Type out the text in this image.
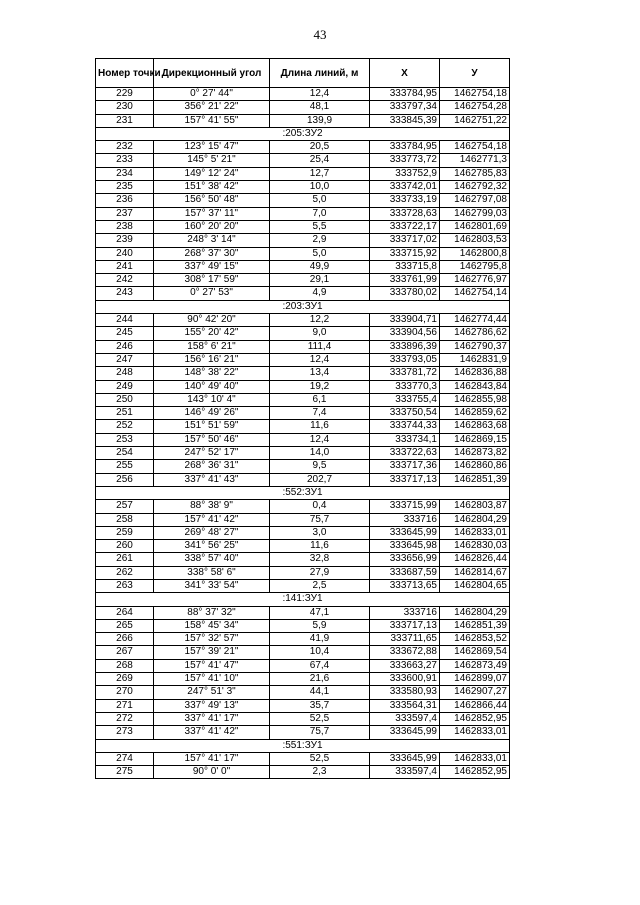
43
Номер точки	Дирекционный угол	Длина линий, м	X	У
229	0° 27' 44"	12,4	333784,95	1462754,18
230	356° 21' 22"	48,1	333797,34	1462754,28
231	157° 41' 55"	139,9	333845,39	1462751,22
:205:ЗУ2				
232	123° 15' 47"	20,5	333784,95	1462754,18
233	145° 5' 21"	25,4	333773,72	1462771,3
234	149° 12' 24"	12,7	333752,9	1462785,83
235	151° 38' 42"	10,0	333742,01	1462792,32
236	156° 50' 48"	5,0	333733,19	1462797,08
237	157° 37' 11"	7,0	333728,63	1462799,03
238	160° 20' 20"	5,5	333722,17	1462801,69
239	248° 3' 14"	2,9	333717,02	1462803,53
240	268° 37' 30"	5,0	333715,92	1462800,8
241	337° 49' 15"	49,9	333715,8	1462795,8
242	308° 17' 59"	29,1	333761,99	1462776,97
243	0° 27' 53"	4,9	333780,02	1462754,14
:203:ЗУ1				
244	90° 42' 20"	12,2	333904,71	1462774,44
245	155° 20' 42"	9,0	333904,56	1462786,62
246	158° 6' 21"	111,4	333896,39	1462790,37
247	156° 16' 21"	12,4	333793,05	1462831,9
248	148° 38' 22"	13,4	333781,72	1462836,88
249	140° 49' 40"	19,2	333770,3	1462843,84
250	143° 10' 4"	6,1	333755,4	1462855,98
251	146° 49' 26"	7,4	333750,54	1462859,62
252	151° 51' 59"	11,6	333744,33	1462863,68
253	157° 50' 46"	12,4	333734,1	1462869,15
254	247° 52' 17"	14,0	333722,63	1462873,82
255	268° 36' 31"	9,5	333717,36	1462860,86
256	337° 41' 43"	202,7	333717,13	1462851,39
:552:ЗУ1				
257	88° 38' 9"	0,4	333715,99	1462803,87
258	157° 41' 42"	75,7	333716	1462804,29
259	269° 48' 27"	3,0	333645,99	1462833,01
260	341° 56' 25"	11,6	333645,98	1462830,03
261	338° 57' 40"	32,8	333656,99	1462826,44
262	338° 58' 6"	27,9	333687,59	1462814,67
263	341° 33' 54"	2,5	333713,65	1462804,65
:141:ЗУ1				
264	88° 37' 32"	47,1	333716	1462804,29
265	158° 45' 34"	5,9	333717,13	1462851,39
266	157° 32' 57"	41,9	333711,65	1462853,52
267	157° 39' 21"	10,4	333672,88	1462869,54
268	157° 41' 47"	67,4	333663,27	1462873,49
269	157° 41' 10"	21,6	333600,91	1462899,07
270	247° 51' 3"	44,1	333580,93	1462907,27
271	337° 49' 13"	35,7	333564,31	1462866,44
272	337° 41' 17"	52,5	333597,4	1462852,95
273	337° 41' 42"	75,7	333645,99	1462833,01
:551:ЗУ1				
274	157° 41' 17"	52,5	333645,99	1462833,01
275	90° 0' 0"	2,3	333597,4	1462852,95
